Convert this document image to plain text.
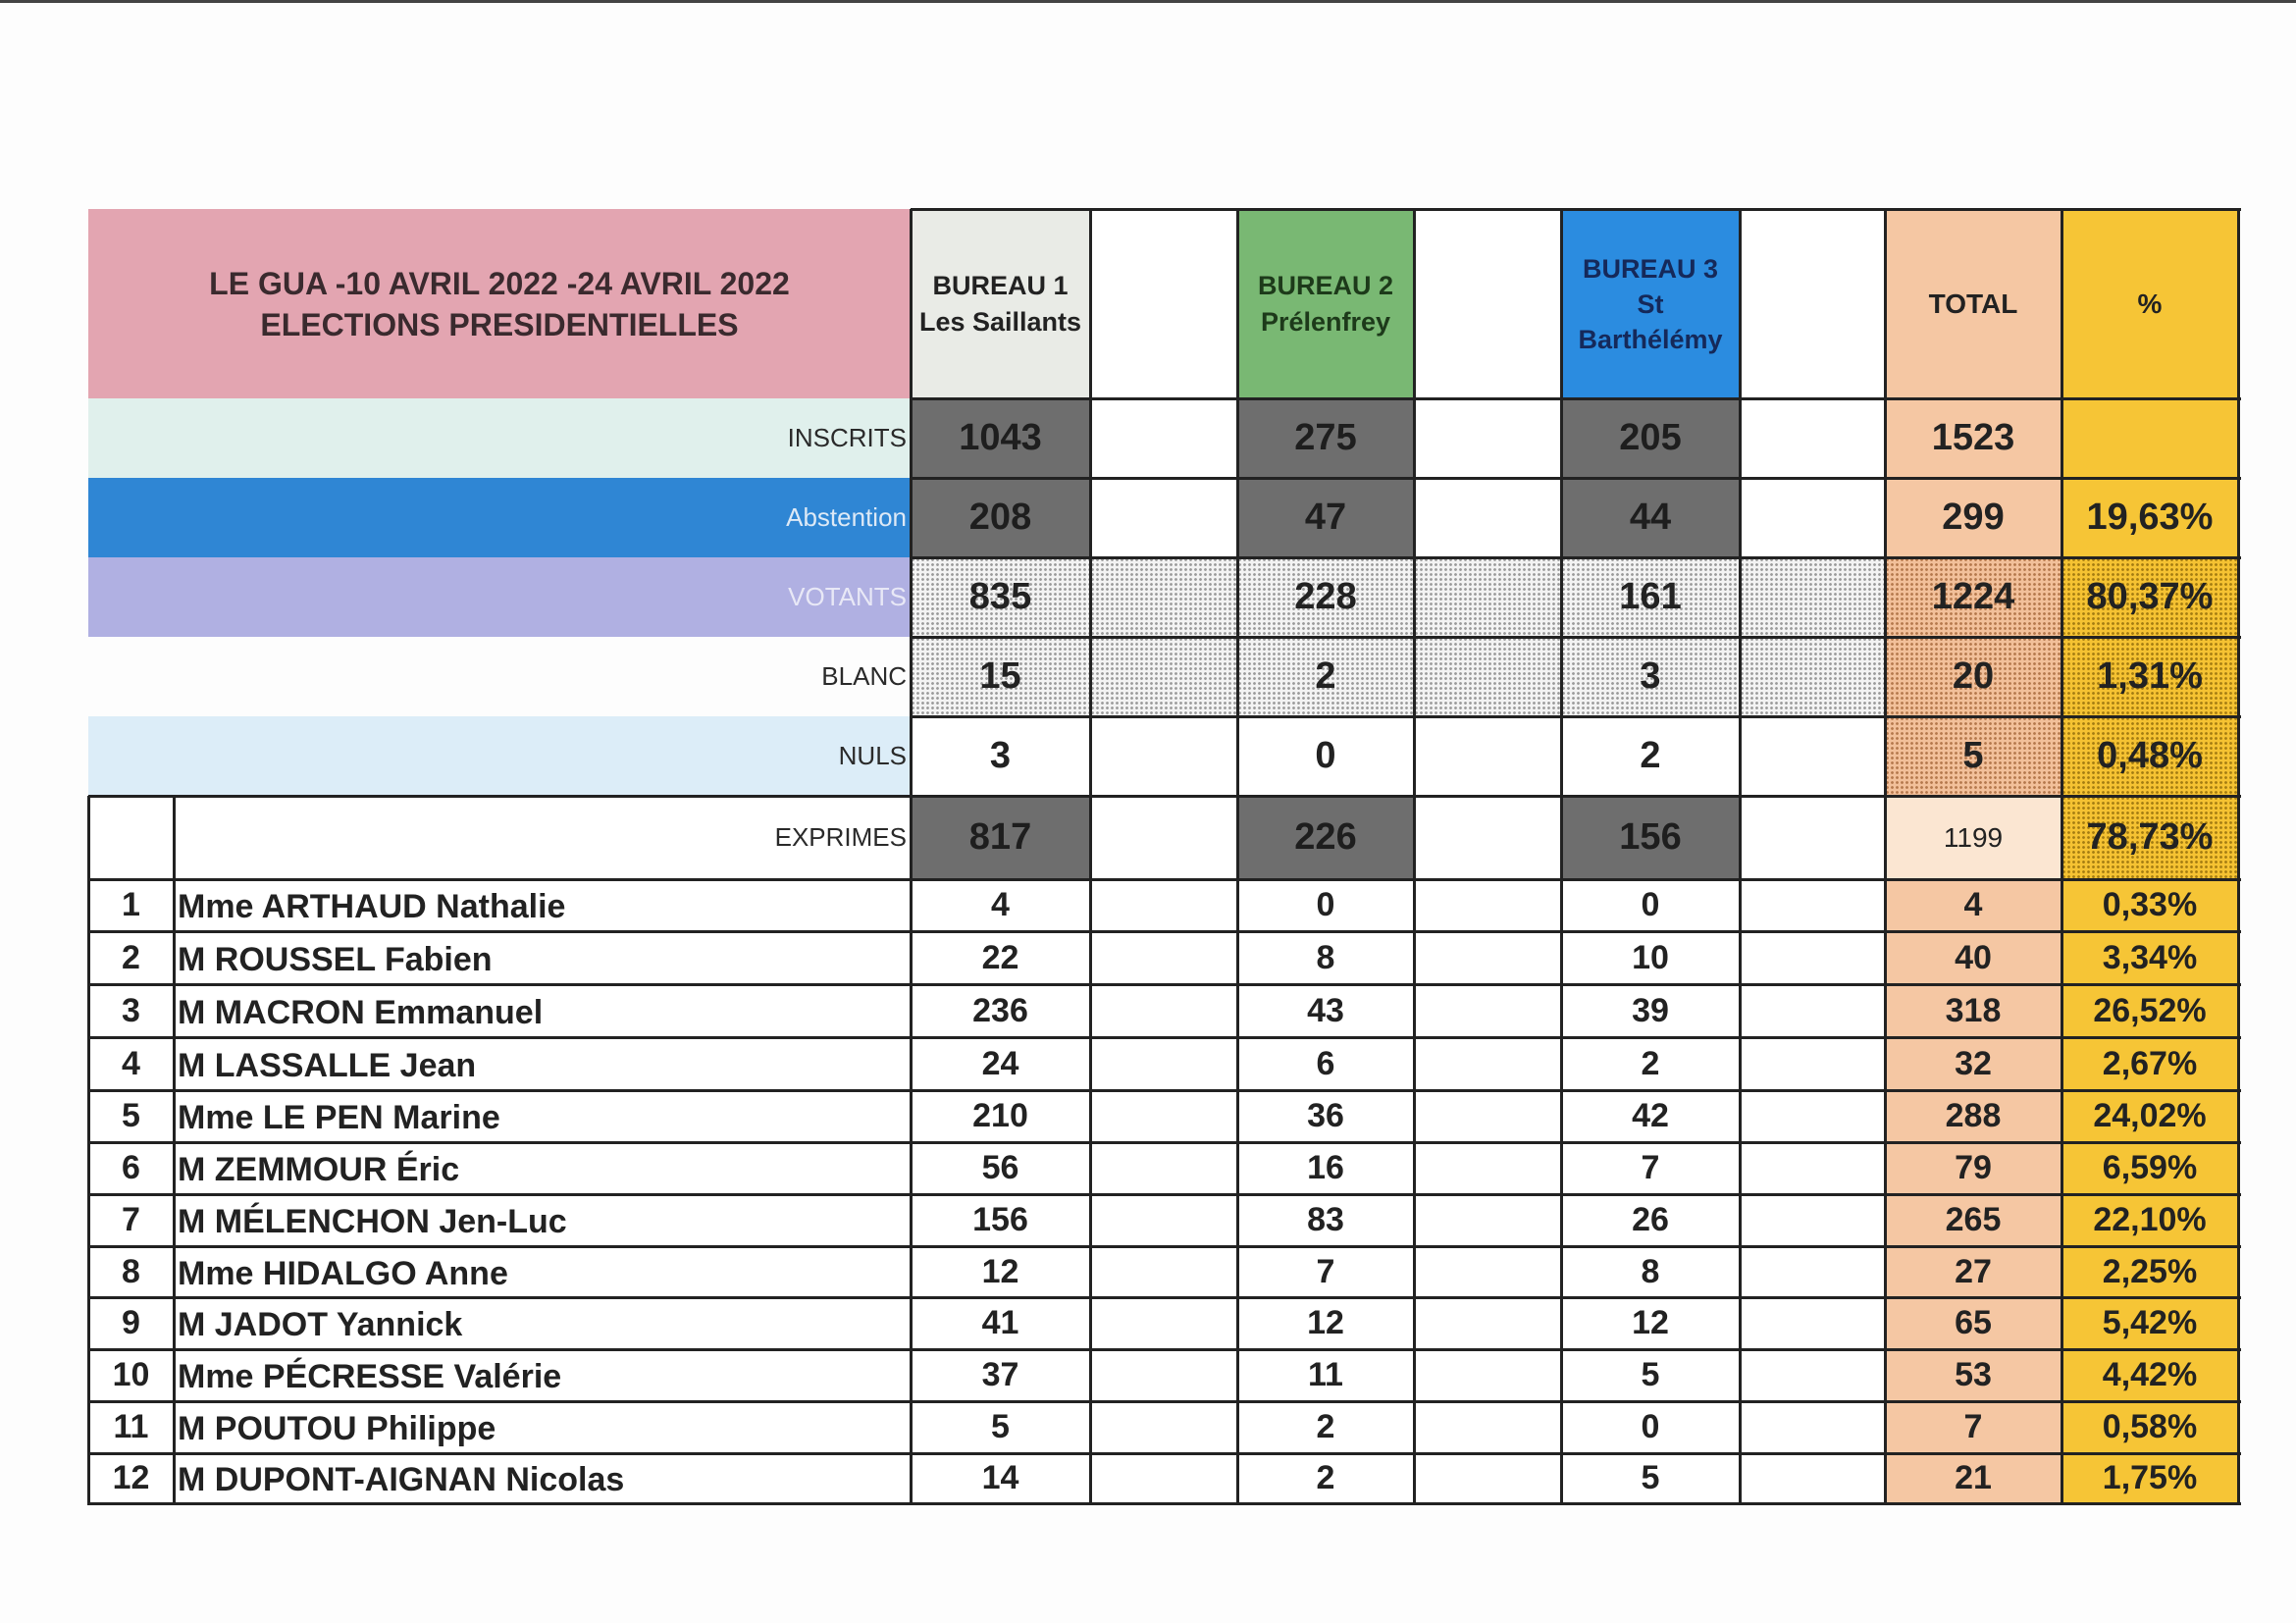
LE GUA -10 AVRIL 2022 -24 AVRIL 2022
ELECTIONS PRESIDENTIELLES
BUREAU 1
Les Saillants
BUREAU 2
Prélenfrey
BUREAU 3
St
Barthélémy
TOTAL	%
INSCRITS	1043	275	205	1523
Abstention	208	47	44	299	19,63%
VOTANTS	835	228	161	1224	80,37%
BLANC	15	2	3	20	1,31%
NULS	3	0	2	5	0,48%
EXPRIMES	817	226	156	1199	78,73%
1	Mme ARTHAUD Nathalie	4	0	0	4	0,33%
2	M ROUSSEL Fabien	22	8	10	40	3,34%
3	M MACRON Emmanuel	236	43	39	318	26,52%
4	M LASSALLE Jean	24	6	2	32	2,67%
5	Mme LE PEN Marine	210	36	42	288	24,02%
6	M ZEMMOUR Éric	56	16	7	79	6,59%
7	M MÉLENCHON Jen-Luc	156	83	26	265	22,10%
8	Mme HIDALGO Anne	12	7	8	27	2,25%
9	M JADOT Yannick	41	12	12	65	5,42%
10 Mme PÉCRESSE Valérie	37	11	5	53	4,42%
11 M POUTOU Philippe	5	2	0	7	0,58%
12 M DUPONT-AIGNAN Nicolas	14	2	5	21	1,75%
